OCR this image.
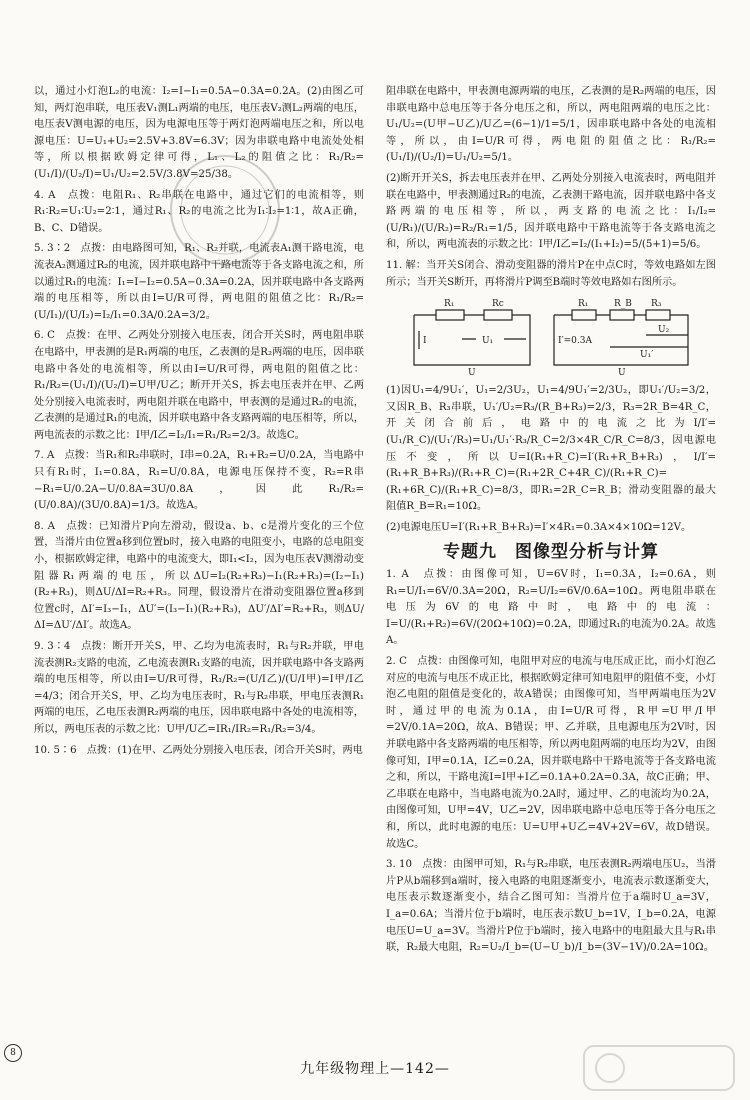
以，通过小灯泡L₂的电流：I₂=I−I₁=0.5A−0.3A=0.2A。(2)由图乙可知，两灯泡串联，电压表V₁测L₁两端的电压，电压表V₂测L₂两端的电压，电压表V测电源的电压，因为电源电压等于两灯泡两端电压之和，所以电源电压：U=U₁+U₂=2.5V+3.8V=6.3V；因为串联电路中电流处处相等，所以根据欧姆定律可得，L₁、L₂的阻值之比：R₁/R₂=(U₁/I)/(U₂/I)=U₁/U₂=2.5V/3.8V=25/38。

4. A　点拨：电阻R₁、R₂串联在电路中，通过它们的电流相等，则R₁∶R₂=U₁∶U₂=2∶1，通过R₁、R₂的电流之比为I₁∶I₂=1∶1，故A正确，B、C、D错误。

5. 3∶2　点拨：由电路图可知，R₁、R₂并联，电流表A₁测干路电流，电流表A₂测通过R₂的电流，因并联电路中干路电流等于各支路电流之和，所以通过R₁的电流：I₁=I−I₂=0.5A−0.3A=0.2A，因并联电路中各支路两端的电压相等，所以由I=U/R可得，两电阻的阻值之比：R₁/R₂=(U/I₁)/(U/I₂)=I₂/I₁=0.3A/0.2A=3/2。

6. C　点拨：在甲、乙两处分别接入电压表，闭合开关S时，两电阻串联在电路中，甲表测的是R₁两端的电压，乙表测的是R₂两端的电压，因串联电路中各处的电流相等，所以由I=U/R可得，两电阻的阻值之比：R₁/R₂=(U₁/I)/(U₂/I)=U甲/U乙；断开开关S，拆去电压表并在甲、乙两处分别接入电流表时，两电阻并联在电路中，甲表测的是通过R₂的电流，乙表测的是通过R₁的电流，因并联电路中各支路两端的电压相等，所以，两电流表的示数之比：I甲/I乙=I₂/I₁=R₁/R₂=2/3。故选C。

7. A　点拨：当R₁和R₂串联时，I串=0.2A，R₁+R₂=U/0.2A，当电路中只有R₁时，I₁=0.8A，R₁=U/0.8A，电源电压保持不变，R₂=R串−R₁=U/0.2A−U/0.8A=3U/0.8A，因此R₁/R₂=(U/0.8A)/(3U/0.8A)=1/3。故选A。

8. A　点拨：已知滑片P向左滑动，假设a、b、c是滑片变化的三个位置，当滑片由位置a移到位置b时，接入电路的电阻变小，电路的总电阻变小，根据欧姆定律，电路中的电流变大，即I₁<I₂，因为电压表V测滑动变阻器R₁两端的电压，所以ΔU=I₂(R₂+R₃)−I₁(R₂+R₃)=(I₂−I₁)(R₂+R₃)，则ΔU/ΔI=R₂+R₃。同理，假设滑片在滑动变阻器位置a移到位置c时，ΔI′=I₃−I₁，ΔU′=(I₃−I₁)(R₂+R₃)，ΔU′/ΔI′=R₂+R₃，则ΔU/ΔI=ΔU′/ΔI′。故选A。

9. 3∶4　点拨：断开开关S，甲、乙均为电流表时，R₁与R₂并联，甲电流表测R₂支路的电流，乙电流表测R₁支路的电流，因并联电路中各支路两端的电压相等，所以由I=U/R可得，R₁/R₂=(U/I乙)/(U/I甲)=I甲/I乙=4/3；闭合开关S，甲、乙均为电压表时，R₁与R₂串联，甲电压表测R₁两端的电压，乙电压表测R₂两端的电压，因串联电路中各处的电流相等，所以，两电压表的示数之比：U甲/U乙=IR₁/IR₂=R₁/R₂=3/4。

10. 5∶6　点拨：(1)在甲、乙两处分别接入电压表，闭合开关S时，两电

阻串联在电路中，甲表测电源两端的电压，乙表测的是R₂两端的电压，因串联电路中总电压等于各分电压之和，所以，两电阻两端的电压之比：U₁/U₂=(U甲−U乙)/U乙=(6−1)/1=5/1，因串联电路中各处的电流相等，所以，由I=U/R可得，两电阻的阻值之比：R₁/R₂=(U₁/I)/(U₂/I)=U₁/U₂=5/1。

(2)断开开关S，拆去电压表并在甲、乙两处分别接入电流表时，两电阻并联在电路中，甲表测通过R₂的电流，乙表测干路电流，因并联电路中各支路两端的电压相等，所以，两支路的电流之比：I₁/I₂=(U/R₁)/(U/R₂)=R₂/R₁=1/5，因并联电路中干路电流等于各支路电流之和，所以，两电流表的示数之比：I甲/I乙=I₂/(I₁+I₂)=5/(5+1)=5/6。

11. 解：当开关S闭合、滑动变阻器的滑片P在中点C时，等效电路如左图所示；当开关S断开，再将滑片P调至B端时等效电路如右图所示。

R₁	Rc
I	U₁
U
R₁	R_B R₃
I′=0.3A
U₂
U₁′
U

(1)因U₁=4/9U₁′，U₁=2/3U₂，U₁=4/9U₁′=2/3U₂，即U₁′/U₂=3/2，又因R_B、R₃串联，U₁′/U₂=R₃/(R_B+R₃)=2/3，R₃=2R_B=4R_C，开关闭合前后，电路中的电流之比为I/I′=(U₁/R_C)/(U₁′/R₃)=U₁/U₁′·R₃/R_C=2/3×4R_C/R_C=8/3，因电源电压不变，所以U=I(R₁+R_C)=I′(R₁+R_B+R₃)，I/I′=(R₁+R_B+R₃)/(R₁+R_C)=(R₁+2R_C+4R_C)/(R₁+R_C)=(R₁+6R_C)/(R₁+R_C)=8/3，即R₁=2R_C=R_B；滑动变阻器的最大阻值R_B=R₁=10Ω。

(2)电源电压U=I′(R₁+R_B+R₃)=I′×4R₁=0.3A×4×10Ω=12V。

专题九　图像型分析与计算

1. A　点拨：由图像可知，U=6V时，I₁=0.3A，I₂=0.6A，则R₁=U/I₁=6V/0.3A=20Ω，R₂=U/I₂=6V/0.6A=10Ω。两电阻串联在电压为6V的电路中时，电路中的电流：I=U/(R₁+R₂)=6V/(20Ω+10Ω)=0.2A，即通过R₁的电流为0.2A。故选A。

2. C　点拨：由图像可知，电阻甲对应的电流与电压成正比，而小灯泡乙对应的电流与电压不成正比，根据欧姆定律可知电阻甲的阻值不变，小灯泡乙电阻的阻值是变化的，故A错误；由图像可知，当甲两端电压为2V时，通过甲的电流为0.1A，由I=U/R可得，R甲=U甲/I甲=2V/0.1A=20Ω，故A、B错误；甲、乙并联，且电源电压为2V时，因并联电路中各支路两端的电压相等，所以两电阻两端的电压均为2V，由图像可知，I甲=0.1A，I乙=0.2A，因并联电路中干路电流等于各支路电流之和，所以，干路电流I=I甲+I乙=0.1A+0.2A=0.3A，故C正确；甲、乙串联在电路中，当电路电流为0.2A时，通过甲、乙的电流均为0.2A，由图像可知，U甲=4V，U乙=2V，因串联电路中总电压等于各分电压之和，所以，此时电源的电压：U=U甲+U乙=4V+2V=6V，故D错误。故选C。

3. 10　点拨：由图甲可知，R₁与R₂串联，电压表测R₂两端电压U₂，当滑片P从b端移到a端时，接入电路的电阻逐渐变小，电流表示数逐渐变大，电压表示数逐渐变小，结合乙图可知：当滑片位于a端时U_a=3V，I_a=0.6A；当滑片位于b端时，电压表示数U_b=1V，I_b=0.2A，电源电压U=U_a=3V。当滑片P位于b端时，接入电路中的电阻最大且与R₁串联，R₂最大电阻，R₂=U₂/I_b=(U−U_b)/I_b=(3V−1V)/0.2A=10Ω。

8
九年级物理上—142—
